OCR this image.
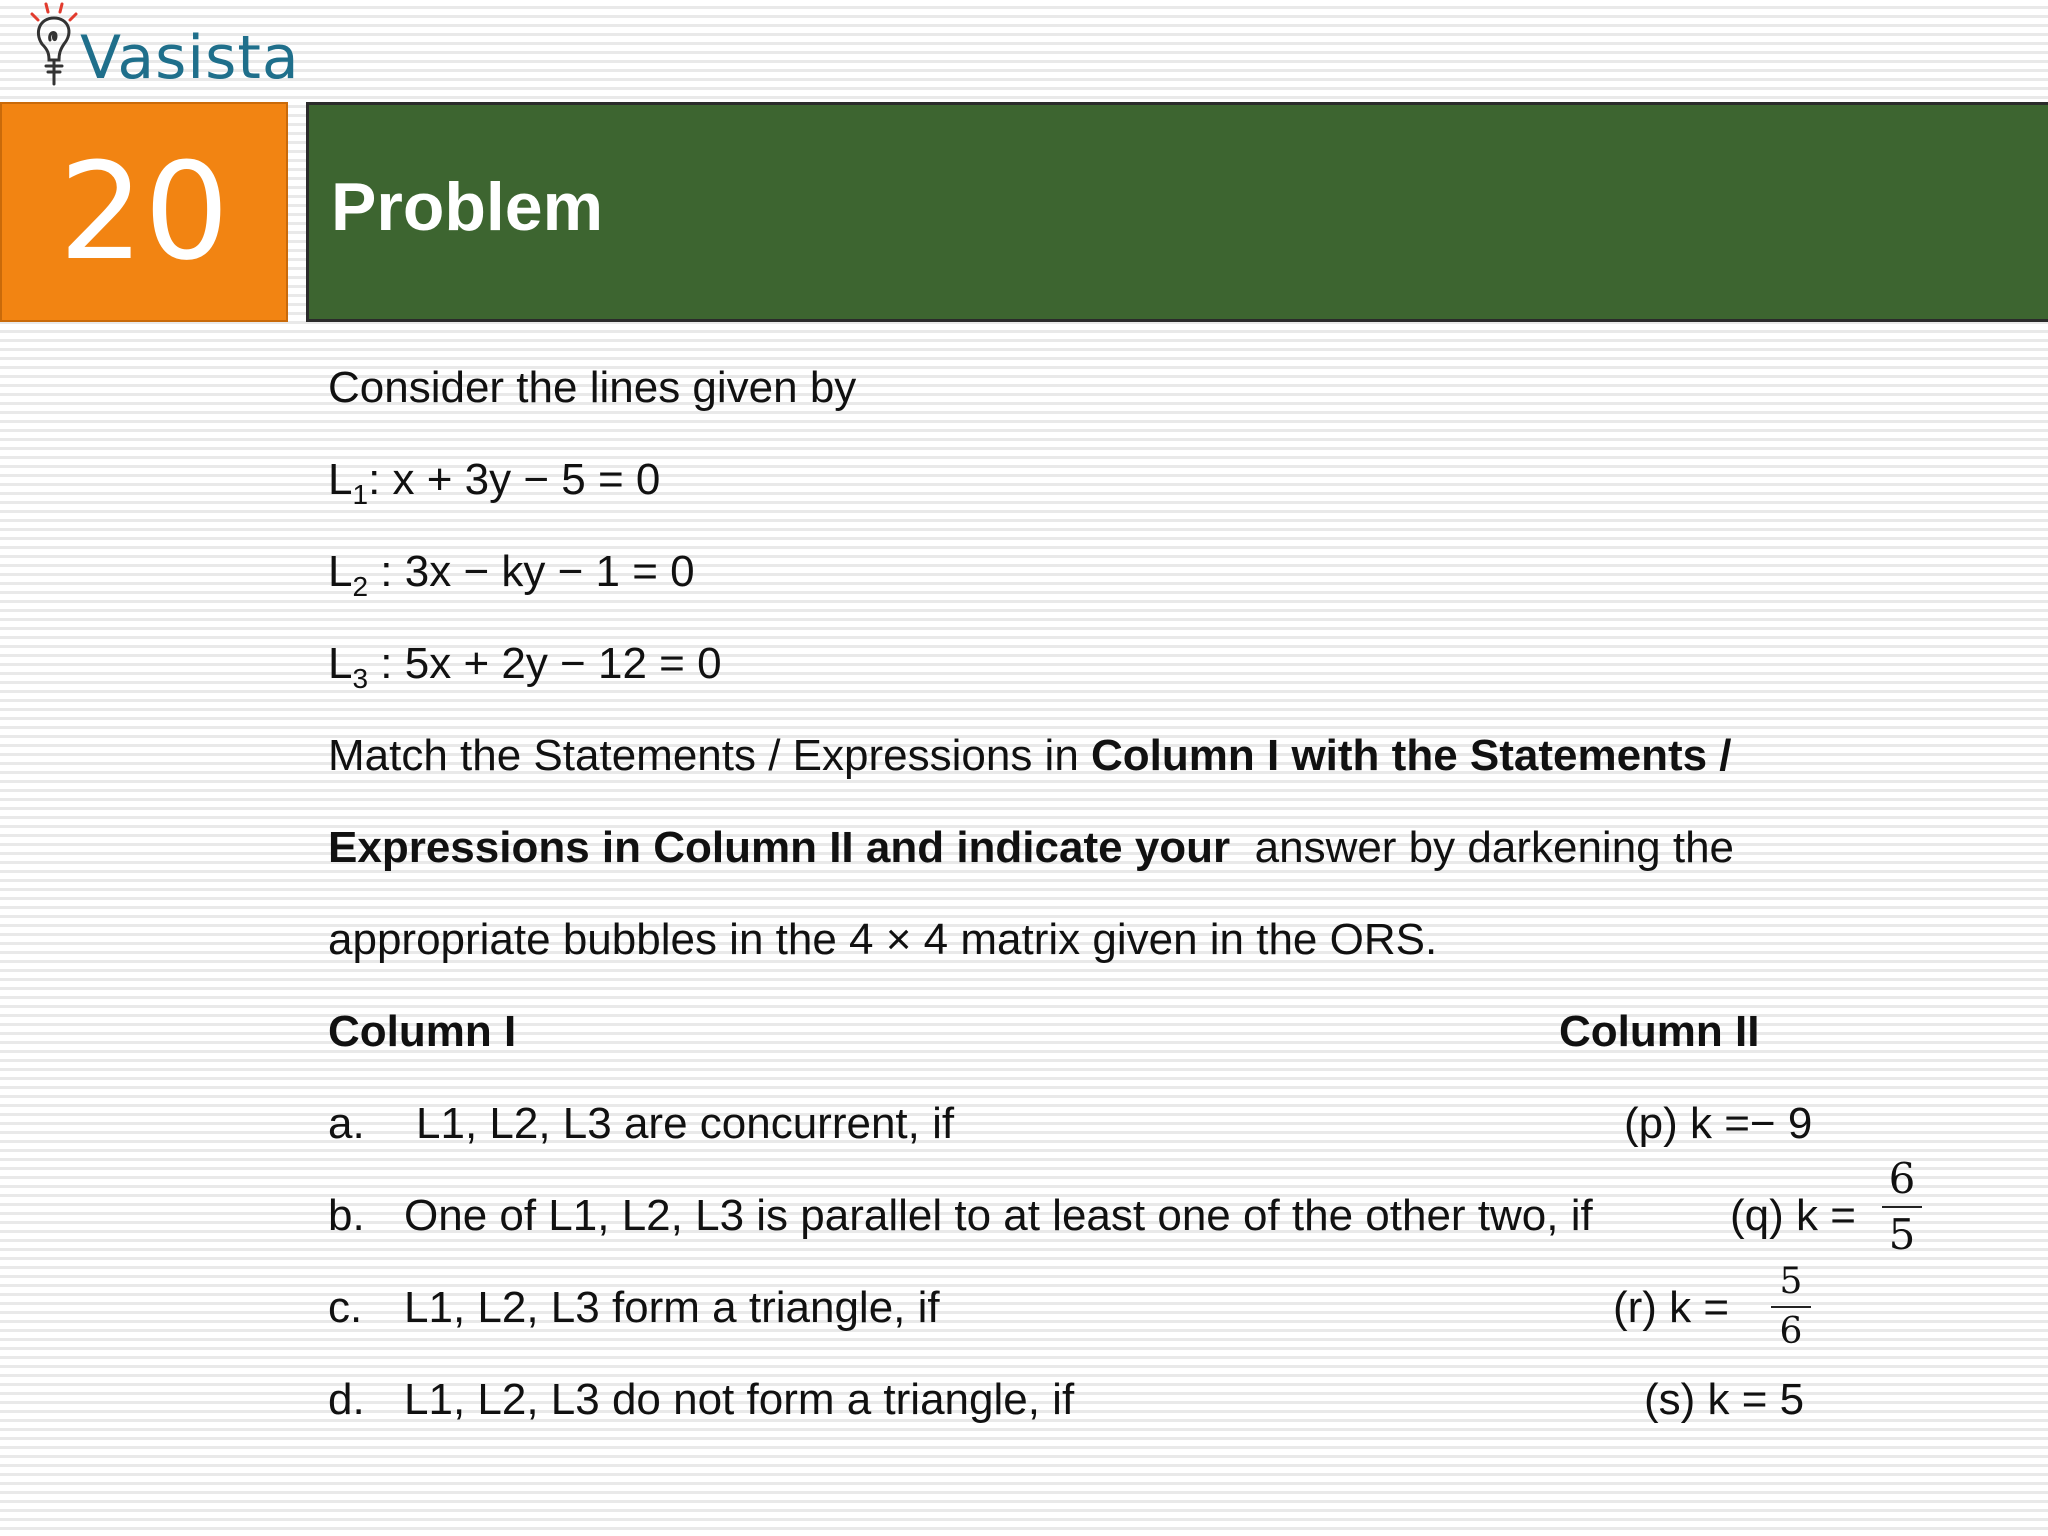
Vasista
20 Problem
Consider the lines given by
$L_1$: x + 3y − 5 = 0
$L_2$ : 3x − ky − 1 = 0
$L_3$ : 5x + 2y − 12 = 0
Match the Statements / Expressions in Column I with the Statements /
Expressions in Column II and indicate your  answer by darkening the
appropriate bubbles in the 4 × 4 matrix given in the ORS.
Column I	Column II
a. L1, L2, L3 are concurrent, if	(p) k =− 9
b. One of L1, L2, L3 is parallel to at least one of the other two, if	(q) $k = \frac{6}{5}$
c. L1, L2, L3 form a triangle, if	(r) $k = \frac{5}{6}$
d. L1, L2, L3 do not form a triangle, if	(s) k = 5
